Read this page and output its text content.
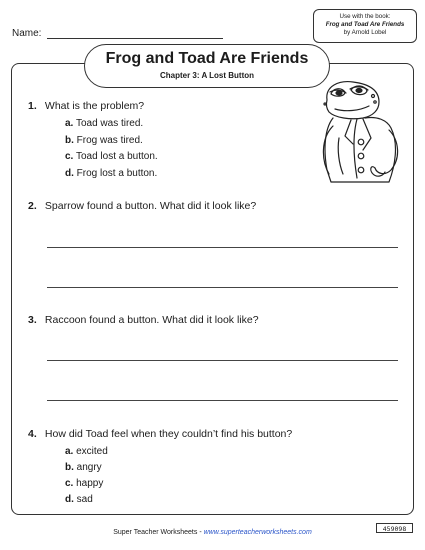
Name:
Use with the book:
Frog and Toad Are Friends
by Arnold Lobel
Frog and Toad Are Friends
Chapter 3: A Lost Button
1. What is the problem?
a. Toad was tired.
b. Frog was tired.
c. Toad lost a button.
d. Frog lost a button.
2. Sparrow found a button. What did it look like?
3. Raccoon found a button. What did it look like?
4. How did Toad feel when they couldn’t find his button?
a. excited
b. angry
c. happy
d. sad
Super Teacher Worksheets - www.superteacherworksheets.com	459098
